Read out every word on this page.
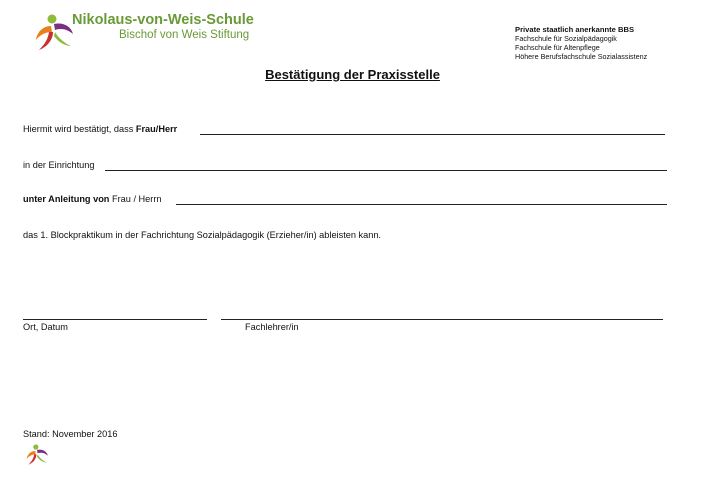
Nikolaus-von-Weis-Schule
Bischof von Weis Stiftung	Private staatlich anerkannte BBS
Fachschule für Sozialpädagogik
Fachschule für Altenpflege
Höhere Berufsfachschule Sozialassistenz
Bestätigung der Praxisstelle
Hiermit wird bestätigt, dass Frau/Herr
in der Einrichtung
unter Anleitung von Frau / Herrn
das 1. Blockpraktikum in der Fachrichtung Sozialpädagogik (Erzieher/in) ableisten kann.
Ort, Datum	Fachlehrer/in
Stand: November 2016
